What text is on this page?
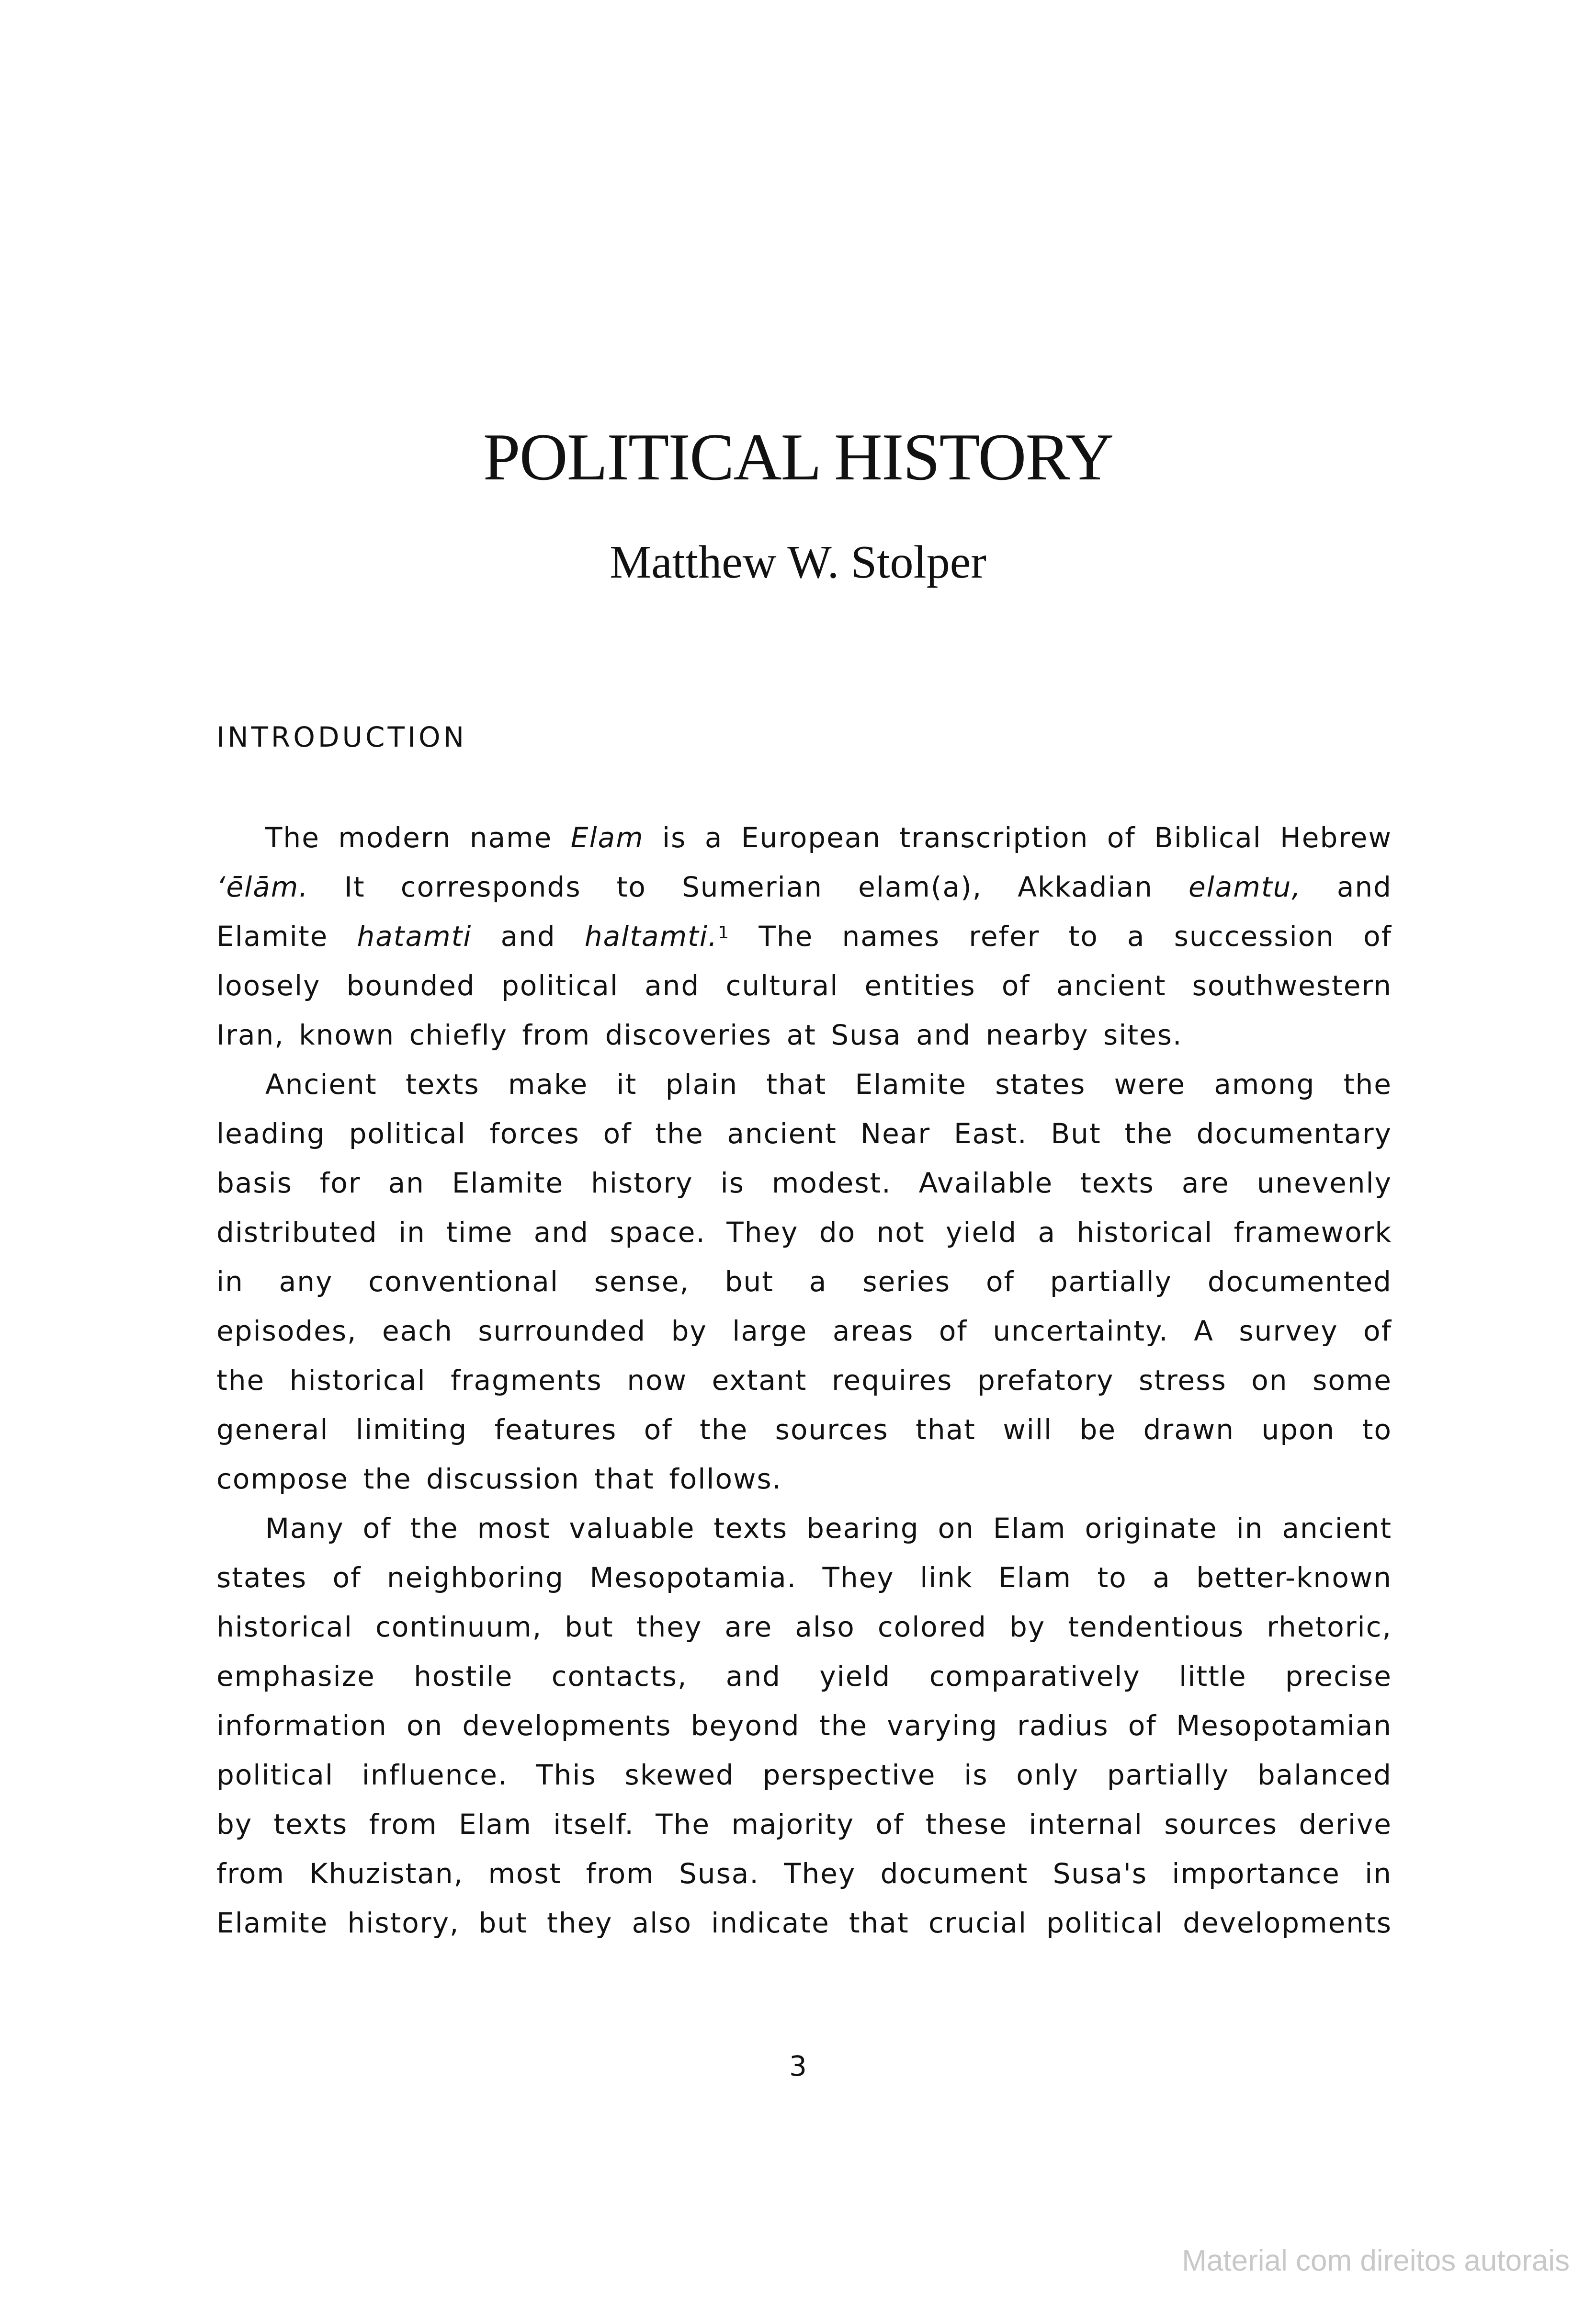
POLITICAL HISTORY
Matthew W. Stolper
INTRODUCTION

The modern name Elam is a European transcription of Biblical Hebrew

‘ēlām. It corresponds to Sumerian elam(a), Akkadian elamtu, and
Elamite hatamti and haltamti.$^1$ The names refer to a succession of
loosely bounded political and cultural entities of ancient southwestern
Iran, known chiefly from discoveries at Susa and nearby sites.
Ancient texts make it plain that Elamite states were among the
leading political forces of the ancient Near East. But the documentary
basis for an Elamite history is modest. Available texts are unevenly
distributed in time and space. They do not yield a historical framework
in any conventional sense, but a series of partially documented
episodes, each surrounded by large areas of uncertainty. A survey of
the historical fragments now extant requires prefatory stress on some
general limiting features of the sources that will be drawn upon to
compose the discussion that follows.
Many of the most valuable texts bearing on Elam originate in ancient
states of neighboring Mesopotamia. They link Elam to a better-known
historical continuum, but they are also colored by tendentious rhetoric,
emphasize hostile contacts, and yield comparatively little precise
information on developments beyond the varying radius of Mesopotamian
political influence. This skewed perspective is only partially balanced
by texts from Elam itself. The majority of these internal sources derive
from Khuzistan, most from Susa. They document Susa's importance in
Elamite history, but they also indicate that crucial political developments
3
Material com direitos autorais
